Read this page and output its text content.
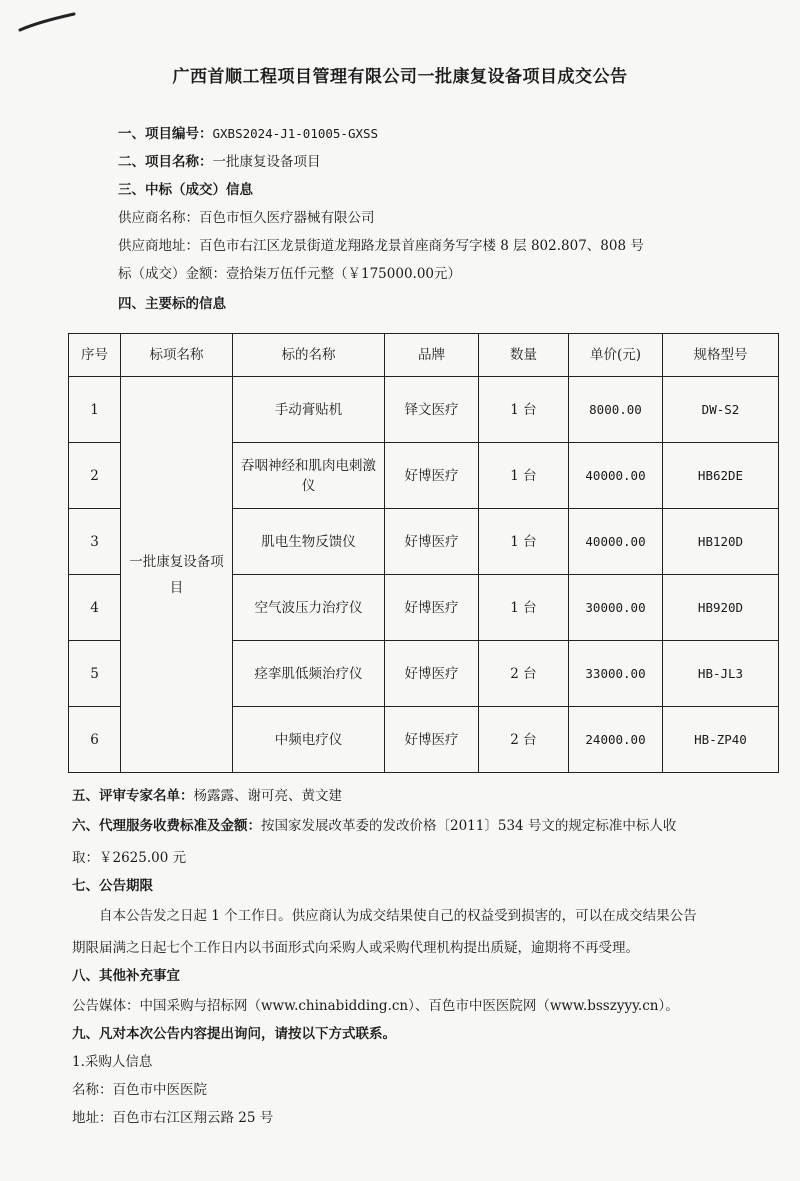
广西首顺工程项目管理有限公司一批康复设备项目成交公告
一、项目编号：GXBS2024-J1-01005-GXSS
二、项目名称：一批康复设备项目
三、中标（成交）信息
供应商名称：百色市恒久医疗器械有限公司
供应商地址：百色市右江区龙景街道龙翔路龙景首座商务写字楼 8 层 802.807、808 号
标（成交）金额：壹拾柒万伍仟元整（￥175000.00元）
四、主要标的信息
序号	标项名称	标的名称	品牌	数量	单价(元)	规格型号
1	一批康复设备项目	手动膏贴机	铎文医疗	1 台	8000.00	DW-S2
2		吞咽神经和肌肉电刺激仪	好博医疗	1 台	40000.00	HB62DE
3		肌电生物反馈仪	好博医疗	1 台	40000.00	HB120D
4		空气波压力治疗仪	好博医疗	1 台	30000.00	HB920D
5		痉挛肌低频治疗仪	好博医疗	2 台	33000.00	HB-JL3
6		中频电疗仪	好博医疗	2 台	24000.00	HB-ZP40
五、评审专家名单：杨露露、谢可亮、黄文建
六、代理服务收费标准及金额：按国家发展改革委的发改价格〔2011〕534 号文的规定标准中标人收
取：￥2625.00 元
七、公告期限
自本公告发之日起 1 个工作日。供应商认为成交结果使自己的权益受到损害的，可以在成交结果公告
期限届满之日起七个工作日内以书面形式向采购人或采购代理机构提出质疑，逾期将不再受理。
八、其他补充事宜
公告媒体：中国采购与招标网（www.chinabidding.cn）、百色市中医医院网（www.bsszyyy.cn）。
九、凡对本次公告内容提出询问，请按以下方式联系。
1.采购人信息
名称：百色市中医医院
地址：百色市右江区翔云路 25 号
